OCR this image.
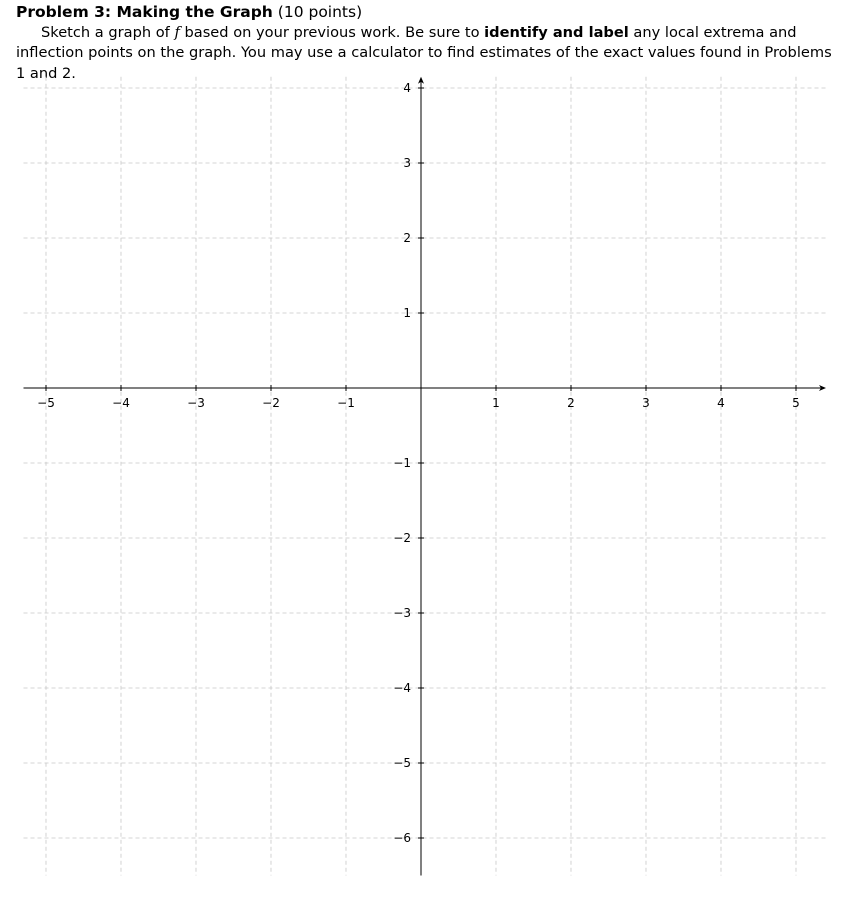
Problem 3: Making the Graph (10 points)
Sketch a graph of f based on your previous work. Be sure to identify and label any local extrema and inflection points on the graph. You may use a calculator to find estimates of the exact values found in Problems 1 and 2.
−5	−4	−3	−2	−1	1	2	3	4	5
4
3
2
1
−1
−2
−3
−4
−5
−6
